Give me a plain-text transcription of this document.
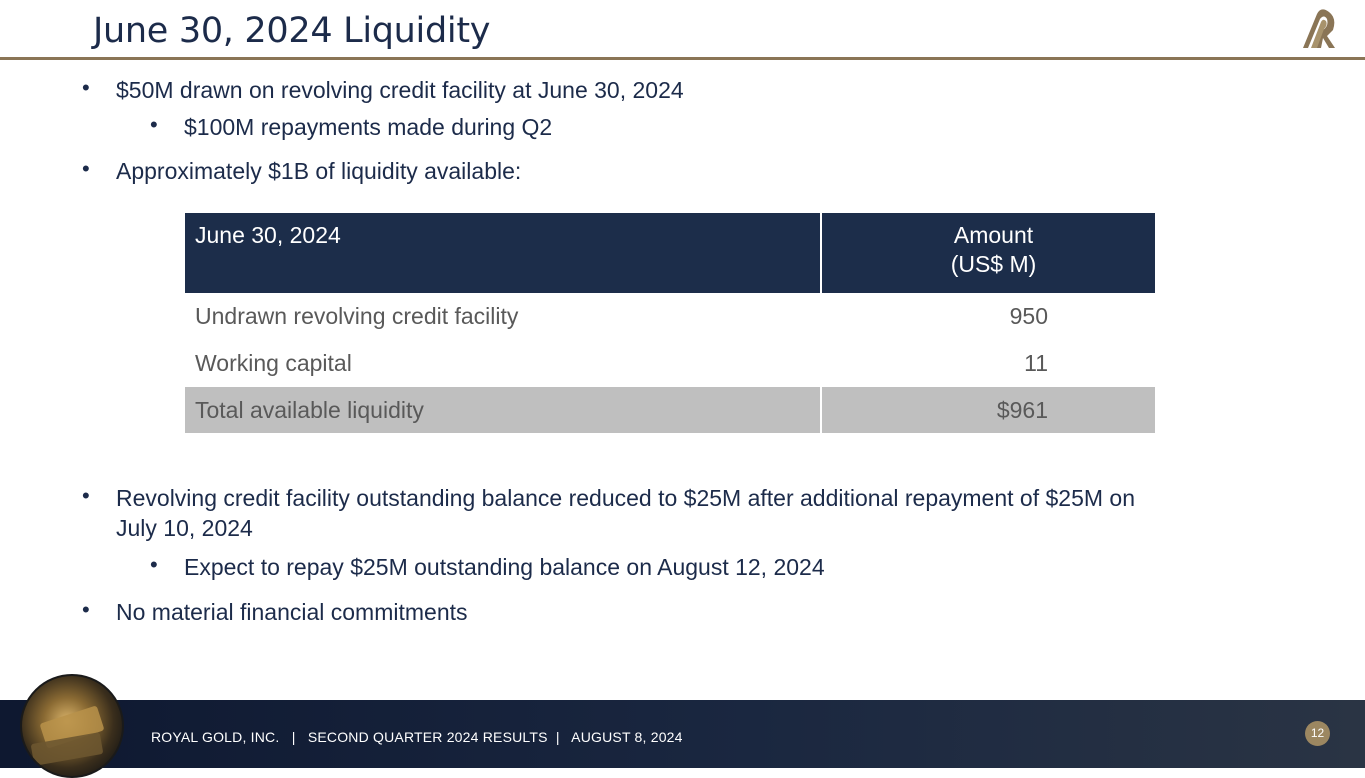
June 30, 2024 Liquidity
• $50M drawn on revolving credit facility at June 30, 2024
• $100M repayments made during Q2
• Approximately $1B of liquidity available:
June 30, 2024	Amount
(US$ M)

Undrawn revolving credit facility	950
Working capital	11
Total available liquidity	$961
• Revolving credit facility outstanding balance reduced to $25M after additional repayment of $25M on July 10, 2024
• Expect to repay $25M outstanding balance on August 12, 2024
• No material financial commitments
ROYAL GOLD, INC.   |   SECOND QUARTER 2024 RESULTS  |   AUGUST 8, 2024	12
